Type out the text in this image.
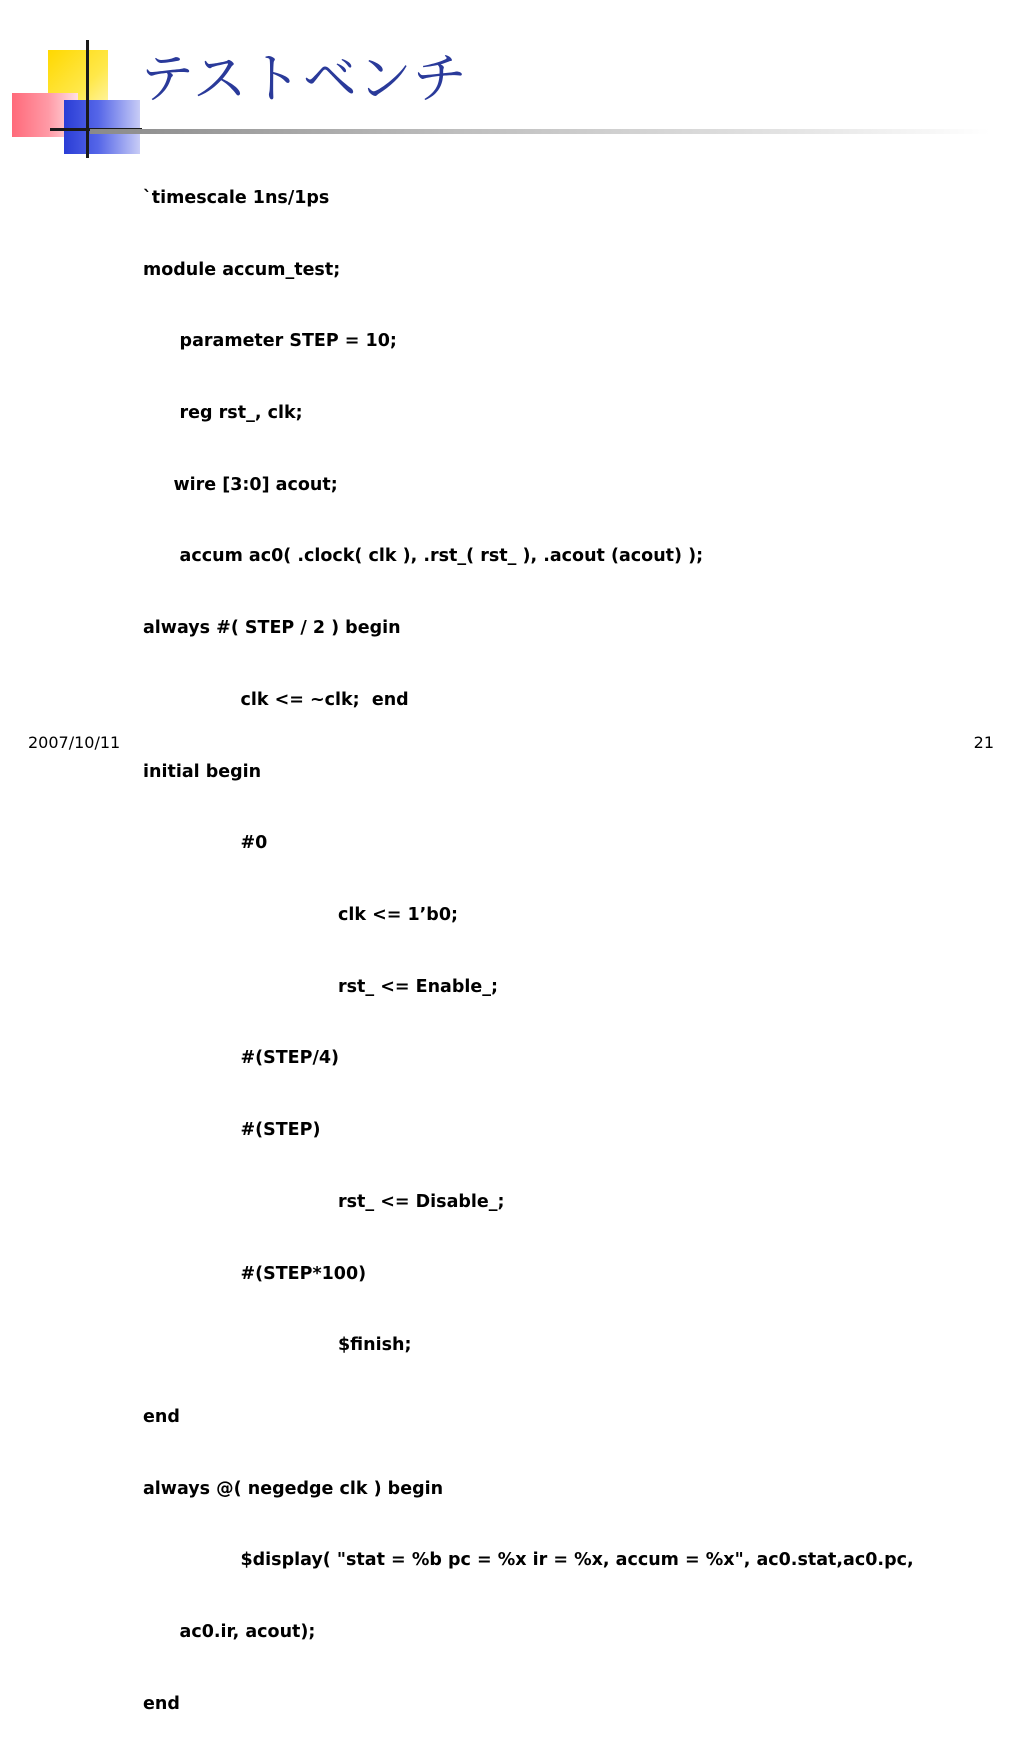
テストベンチ

`timescale 1ns/1ps

module accum_test;

parameter STEP = 10;

reg rst_, clk;

wire [3:0] acout;

accum ac0( .clock( clk ), .rst_( rst_ ), .acout (acout) );

always #( STEP / 2 ) begin

clk <= ~clk;  end

initial begin

#0

clk <= 1’b0;

rst_ <= Enable_;

#(STEP/4)

#(STEP)

rst_ <= Disable_;

#(STEP*100)

$finish;

end

always @( negedge clk ) begin

$display( "stat = %b pc = %x ir = %x, accum = %x", ac0.stat,ac0.pc,

ac0.ir, acout);

end

2007/10/11	21
